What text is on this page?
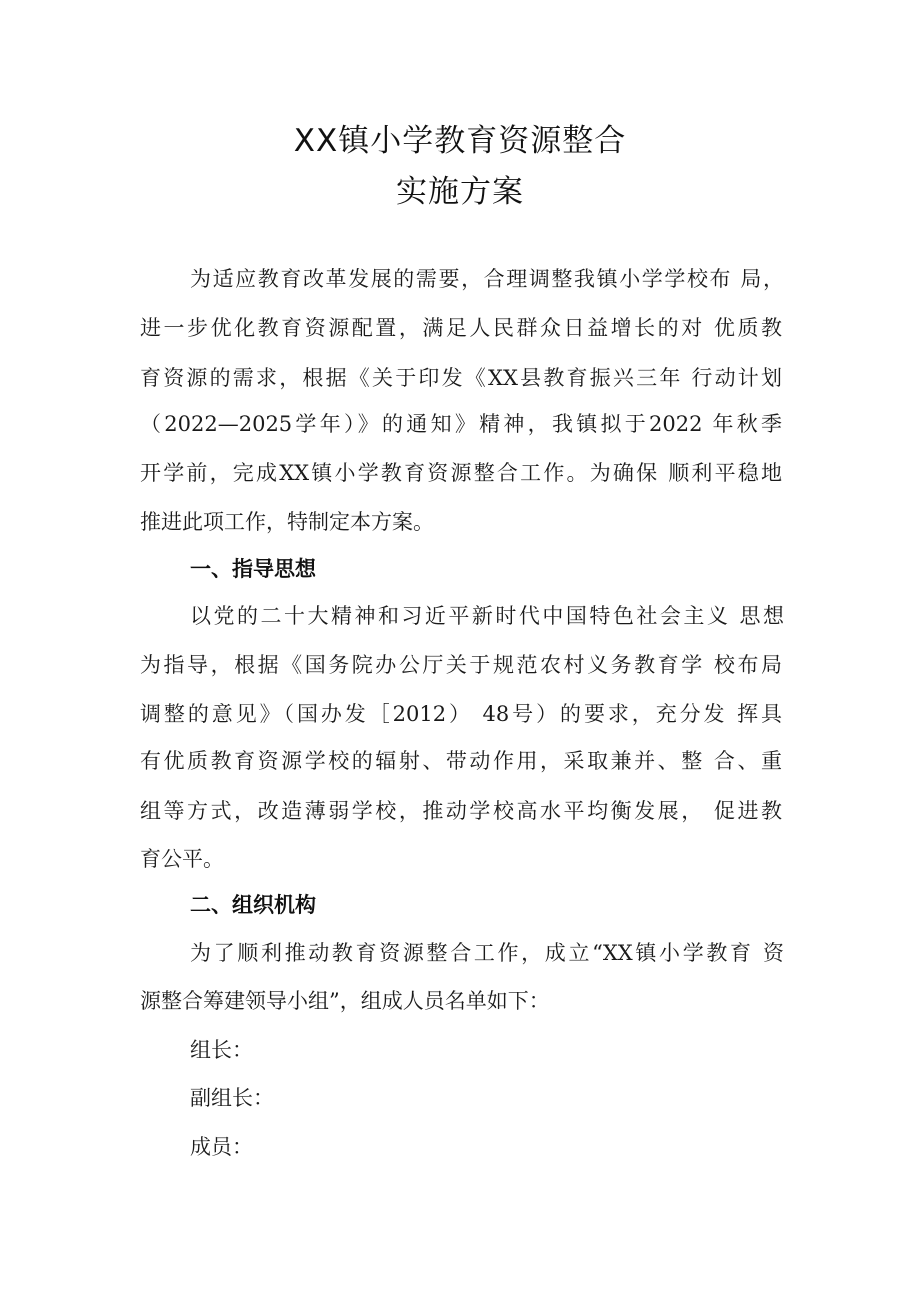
XX镇小学教育资源整合
实施方案

为适应教育改革发展的需要，合理调整我镇小学学校布 局，

进一步优化教育资源配置，满足人民群众日益增长的对 优质教

育资源的需求，根据《关于印发《XX县教育振兴三年 行动计划

（2022—2025学年）》的通知》精神，我镇拟于2022 年秋季

开学前，完成XX镇小学教育资源整合工作。为确保 顺利平稳地

推进此项工作，特制定本方案。

一、指导思想

以党的二十大精神和习近平新时代中国特色社会主义 思想

为指导，根据《国务院办公厅关于规范农村义务教育学 校布局

调整的意见》（国办发［2012） 48号）的要求，充分发 挥具

有优质教育资源学校的辐射、带动作用，采取兼并、整 合、重

组等方式，改造薄弱学校，推动学校高水平均衡发展， 促进教

育公平。

二、组织机构

为了顺利推动教育资源整合工作，成立“XX镇小学教育 资

源整合筹建领导小组”，组成人员名单如下：

组长：

副组长：

成员：
